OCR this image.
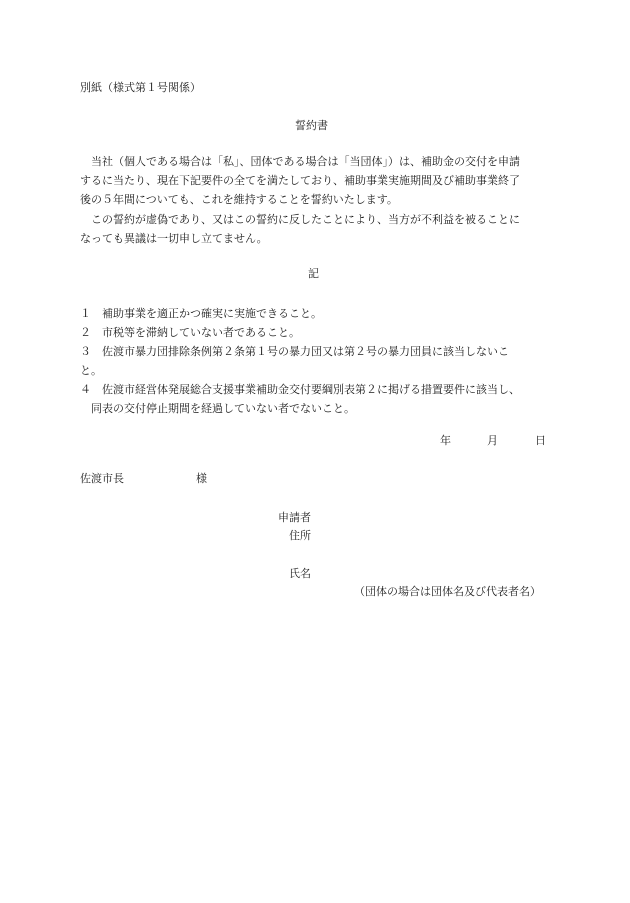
別紙（様式第１号関係）
誓約書
当社（個人である場合は「私」、団体である場合は「当団体」）は、補助金の交付を申請
するに当たり、現在下記要件の全てを満たしており、補助事業実施期間及び補助事業終了
後の５年間についても、これを維持することを誓約いたします。
この誓約が虚偽であり、又はこの誓約に反したことにより、当方が不利益を被ることに
なっても異議は一切申し立てません。
記
１ 補助事業を適正かつ確実に実施できること。
２ 市税等を滞納していない者であること。
３ 佐渡市暴力団排除条例第２条第１号の暴力団又は第２号の暴力団員に該当しないこ
と。
４ 佐渡市経営体発展総合支援事業補助金交付要綱別表第２に掲げる措置要件に該当し、
同表の交付停止期間を経過していない者でないこと。
年	月	日
佐渡市長	様
申請者
住所
氏名
（団体の場合は団体名及び代表者名）
